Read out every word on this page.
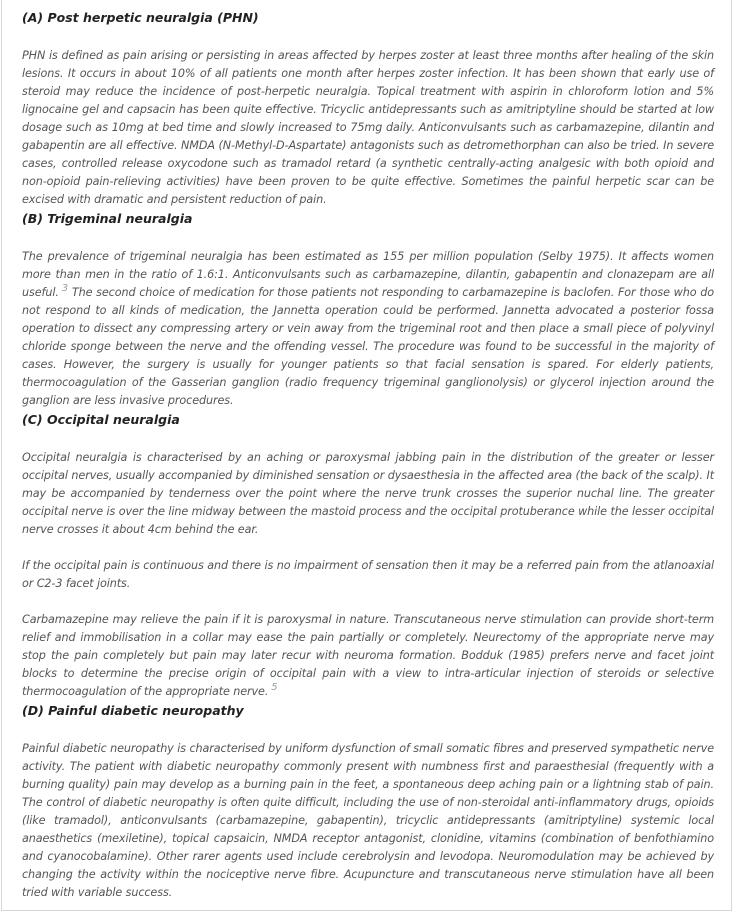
(A) Post herpetic neuralgia (PHN)

PHN is defined as pain arising or persisting in areas affected by herpes zoster at least three months after healing of the skin lesions. It occurs in about 10% of all patients one month after herpes zoster infection. It has been shown that early use of steroid may reduce the incidence of post-herpetic neuralgia. Topical treatment with aspirin in chloroform lotion and 5% lignocaine gel and capsacin has been quite effective. Tricyclic antidepressants such as amitriptyline should be started at low dosage such as 10mg at bed time and slowly increased to 75mg daily. Anticonvulsants such as carbamazepine, dilantin and gabapentin are all effective. NMDA (N-Methyl-D-Aspartate) antagonists such as detromethorphan can also be tried. In severe cases, controlled release oxycodone such as tramadol retard (a synthetic centrally-acting analgesic with both opioid and non-opioid pain-relieving activities) have been proven to be quite effective. Sometimes the painful herpetic scar can be excised with dramatic and persistent reduction of pain.

(B) Trigeminal neuralgia

The prevalence of trigeminal neuralgia has been estimated as 155 per million population (Selby 1975). It affects women more than men in the ratio of 1.6:1. Anticonvulsants such as carbamazepine, dilantin, gabapentin and clonazepam are all useful. $^3$ The second choice of medication for those patients not responding to carbamazepine is baclofen. For those who do not respond to all kinds of medication, the Jannetta operation could be performed. Jannetta advocated a posterior fossa operation to dissect any compressing artery or vein away from the trigeminal root and then place a small piece of polyvinyl chloride sponge between the nerve and the offending vessel. The procedure was found to be successful in the majority of cases. However, the surgery is usually for younger patients so that facial sensation is spared. For elderly patients, thermocoagulation of the Gasserian ganglion (radio frequency trigeminal ganglionolysis) or glycerol injection around the ganglion are less invasive procedures.

(C) Occipital neuralgia

Occipital neuralgia is characterised by an aching or paroxysmal jabbing pain in the distribution of the greater or lesser occipital nerves, usually accompanied by diminished sensation or dysaesthesia in the affected area (the back of the scalp). It may be accompanied by tenderness over the point where the nerve trunk crosses the superior nuchal line. The greater occipital nerve is over the line midway between the mastoid process and the occipital protuberance while the lesser occipital nerve crosses it about 4cm behind the ear.

If the occipital pain is continuous and there is no impairment of sensation then it may be a referred pain from the atlanoaxial or C2-3 facet joints.

Carbamazepine may relieve the pain if it is paroxysmal in nature. Transcutaneous nerve stimulation can provide short-term relief and immobilisation in a collar may ease the pain partially or completely. Neurectomy of the appropriate nerve may stop the pain completely but pain may later recur with neuroma formation. Bodduk (1985) prefers nerve and facet joint blocks to determine the precise origin of occipital pain with a view to intra-articular injection of steroids or selective thermocoagulation of the appropriate nerve. $^5$

(D) Painful diabetic neuropathy

Painful diabetic neuropathy is characterised by uniform dysfunction of small somatic fibres and preserved sympathetic nerve activity. The patient with diabetic neuropathy commonly present with numbness first and paraesthesial (frequently with a burning quality) pain may develop as a burning pain in the feet, a spontaneous deep aching pain or a lightning stab of pain. The control of diabetic neuropathy is often quite difficult, including the use of non-steroidal anti-inflammatory drugs, opioids (like tramadol), anticonvulsants (carbamazepine, gabapentin), tricyclic antidepressants (amitriptyline) systemic local anaesthetics (mexiletine), topical capsaicin, NMDA receptor antagonist, clonidine, vitamins (combination of benfothiamino and cyanocobalamine). Other rarer agents used include cerebrolysin and levodopa. Neuromodulation may be achieved by changing the activity within the nociceptive nerve fibre. Acupuncture and transcutaneous nerve stimulation have all been tried with variable success.
